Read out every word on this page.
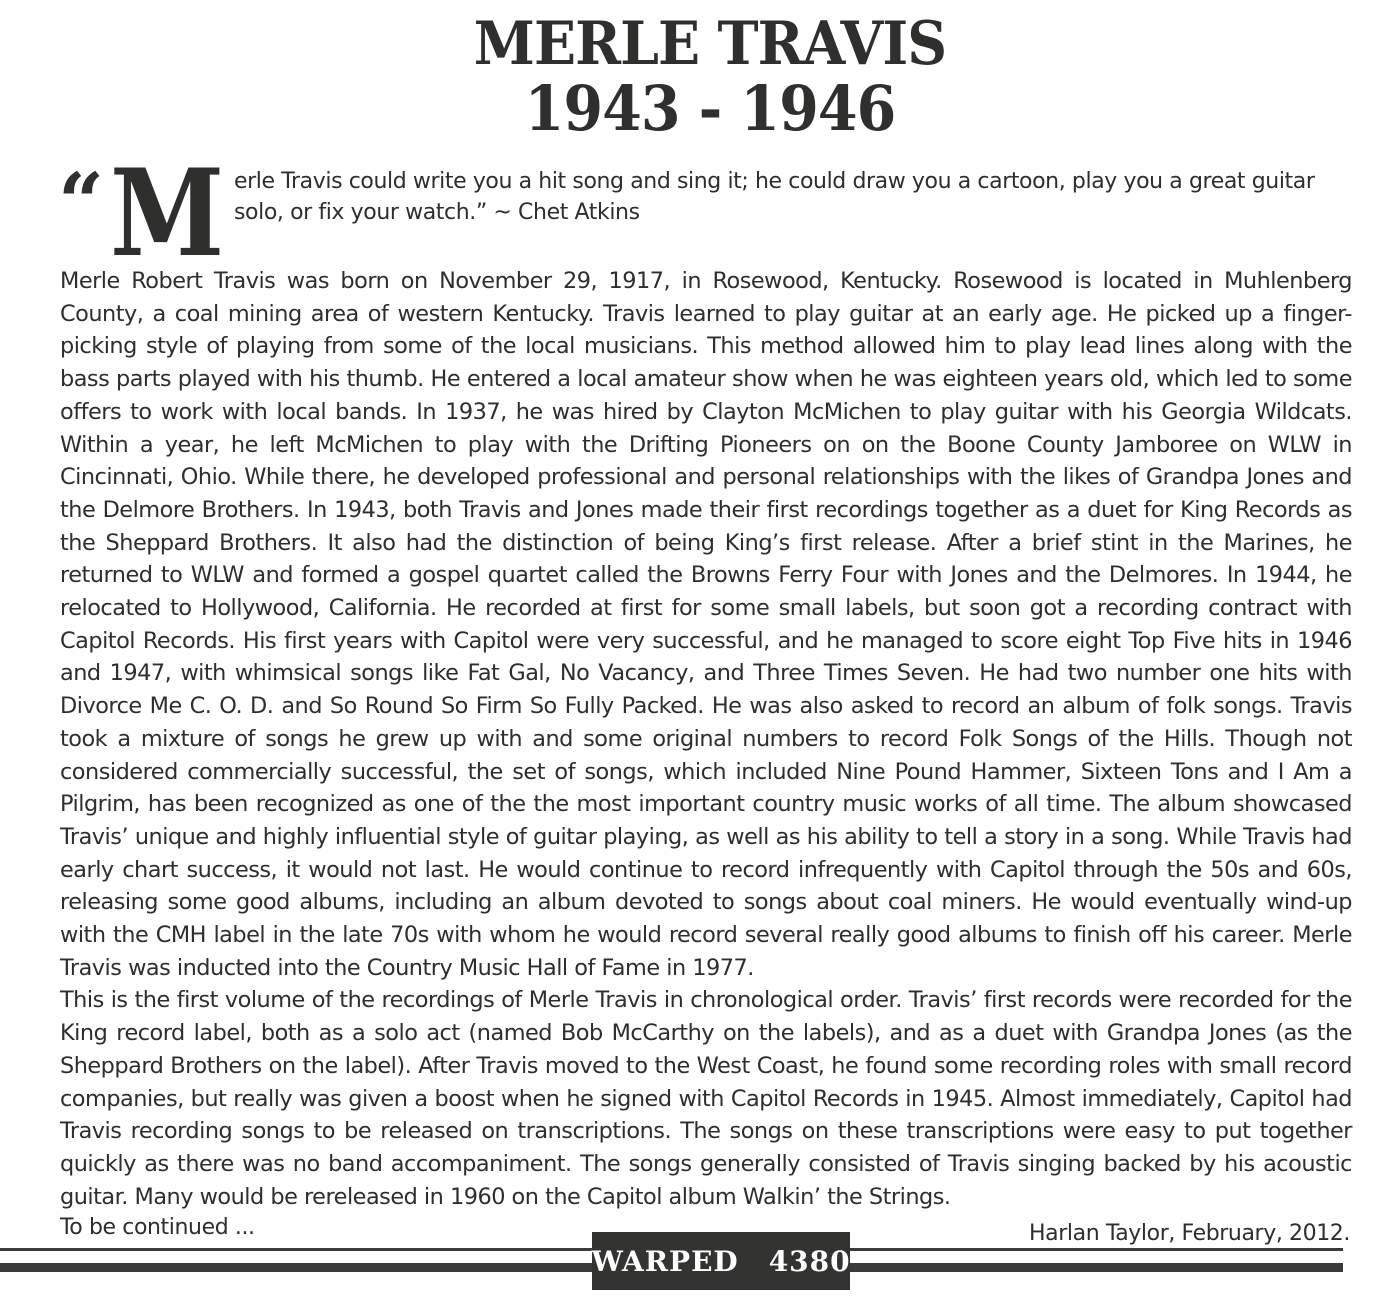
MERLE TRAVIS
1943 - 1946
“ M erle Travis could write you a hit song and sing it; he could draw you a cartoon, play you a great guitar solo, or fix your watch.” ~ Chet Atkins

Merle Robert Travis was born on November 29, 1917, in Rosewood, Kentucky. Rosewood is located in Muhlenberg County, a coal mining area of western Kentucky. Travis learned to play guitar at an early age. He picked up a finger-picking style of playing from some of the local musicians. This method allowed him to play lead lines along with the bass parts played with his thumb. He entered a local amateur show when he was eighteen years old, which led to some offers to work with local bands. In 1937, he was hired by Clayton McMichen to play guitar with his Georgia Wildcats. Within a year, he left McMichen to play with the Drifting Pioneers on on the Boone County Jamboree on WLW in Cincinnati, Ohio. While there, he developed professional and personal relationships with the likes of Grandpa Jones and the Delmore Brothers. In 1943, both Travis and Jones made their first recordings together as a duet for King Records as the Sheppard Brothers. It also had the distinction of being King’s first release. After a brief stint in the Marines, he returned to WLW and formed a gospel quartet called the Browns Ferry Four with Jones and the Delmores. In 1944, he relocated to Hollywood, California. He recorded at first for some small labels, but soon got a recording contract with Capitol Records. His first years with Capitol were very successful, and he managed to score eight Top Five hits in 1946 and 1947, with whimsical songs like Fat Gal, No Vacancy, and Three Times Seven. He had two number one hits with Divorce Me C. O. D. and So Round So Firm So Fully Packed. He was also asked to record an album of folk songs. Travis took a mixture of songs he grew up with and some original numbers to record Folk Songs of the Hills. Though not considered commercially successful, the set of songs, which included Nine Pound Hammer, Sixteen Tons and I Am a Pilgrim, has been recognized as one of the the most important country music works of all time. The album showcased Travis’ unique and highly influential style of guitar playing, as well as his ability to tell a story in a song. While Travis had early chart success, it would not last. He would continue to record infrequently with Capitol through the 50s and 60s, releasing some good albums, including an album devoted to songs about coal miners. He would eventually wind-up with the CMH label in the late 70s with whom he would record several really good albums to finish off his career. Merle Travis was inducted into the Country Music Hall of Fame in 1977.

This is the first volume of the recordings of Merle Travis in chronological order. Travis’ first records were recorded for the King record label, both as a solo act (named Bob McCarthy on the labels), and as a duet with Grandpa Jones (as the Sheppard Brothers on the label). After Travis moved to the West Coast, he found some recording roles with small record companies, but really was given a boost when he signed with Capitol Records in 1945. Almost immediately, Capitol had Travis recording songs to be released on transcriptions. The songs on these transcriptions were easy to put together quickly as there was no band accompaniment. The songs generally consisted of Travis singing backed by his acoustic guitar. Many would be rereleased in 1960 on the Capitol album Walkin’ the Strings.

To be continued ...	Harlan Taylor, February, 2012.
WARPED 4380
